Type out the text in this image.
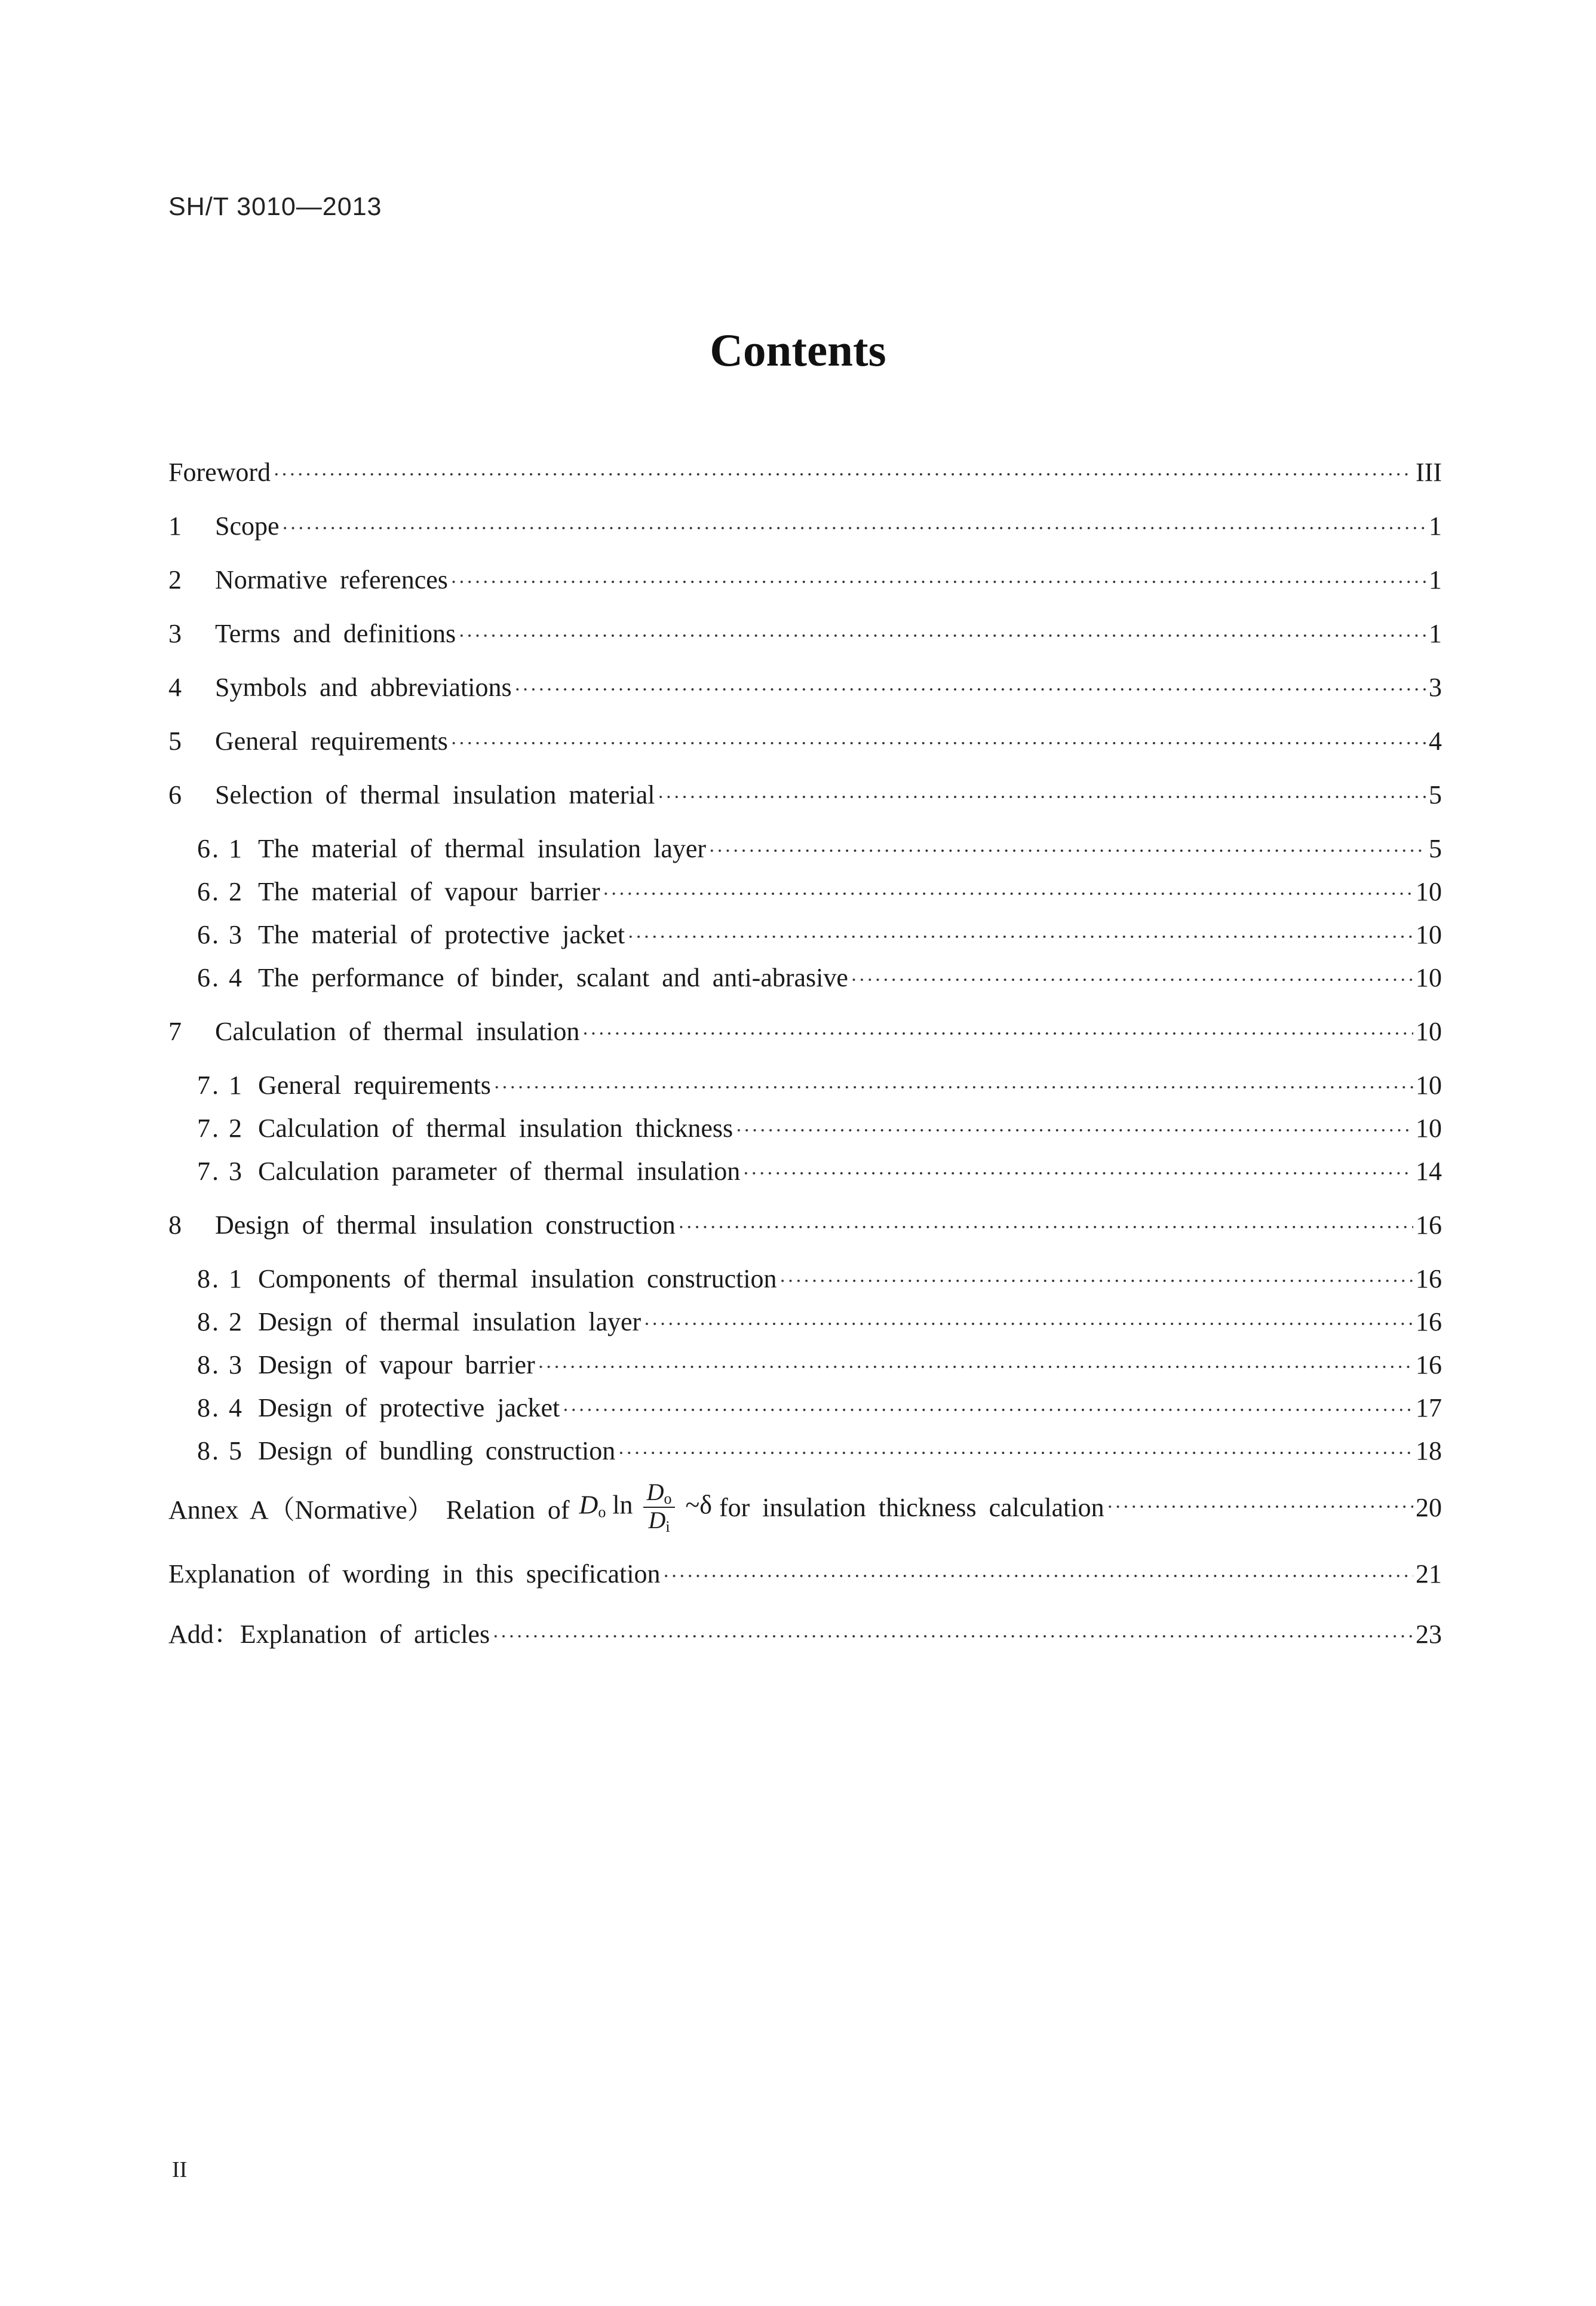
SH/T 3010—2013
Contents
Foreword ·····	III
1	Scope ·····	1
2	Normative references ·····	1
3	Terms and definitions ·····	1
4	Symbols and abbreviations ·····	3
5	General requirements ·····	4
6	Selection of thermal insulation material ·····	5
6. 1 The material of thermal insulation layer ·····	5
6. 2 The material of vapour barrier ·····	10
6. 3 The material of protective jacket ·····	10
6. 4 The performance of binder, scalant and anti-abrasive ·····	10
7	Calculation of thermal insulation ·····	10
7. 1 General requirements ·····	10
7. 2 Calculation of thermal insulation thickness ·····	10
7. 3 Calculation parameter of thermal insulation ·····	14
8	Design of thermal insulation construction ·····	16
8. 1 Components of thermal insulation construction ·····	16
8. 2 Design of thermal insulation layer ·····	16
8. 3 Design of vapour barrier ·····	16
8. 4 Design of protective jacket ·····	17
8. 5 Design of bundling construction ·····	18
Annex A（Normative） Relation of Do $\ln \frac{Do}{Di}$ ~δ for insulation thickness calculation ·····	20
Explanation of wording in this specification ·····	21
Add：Explanation of articles ·····	23
II
